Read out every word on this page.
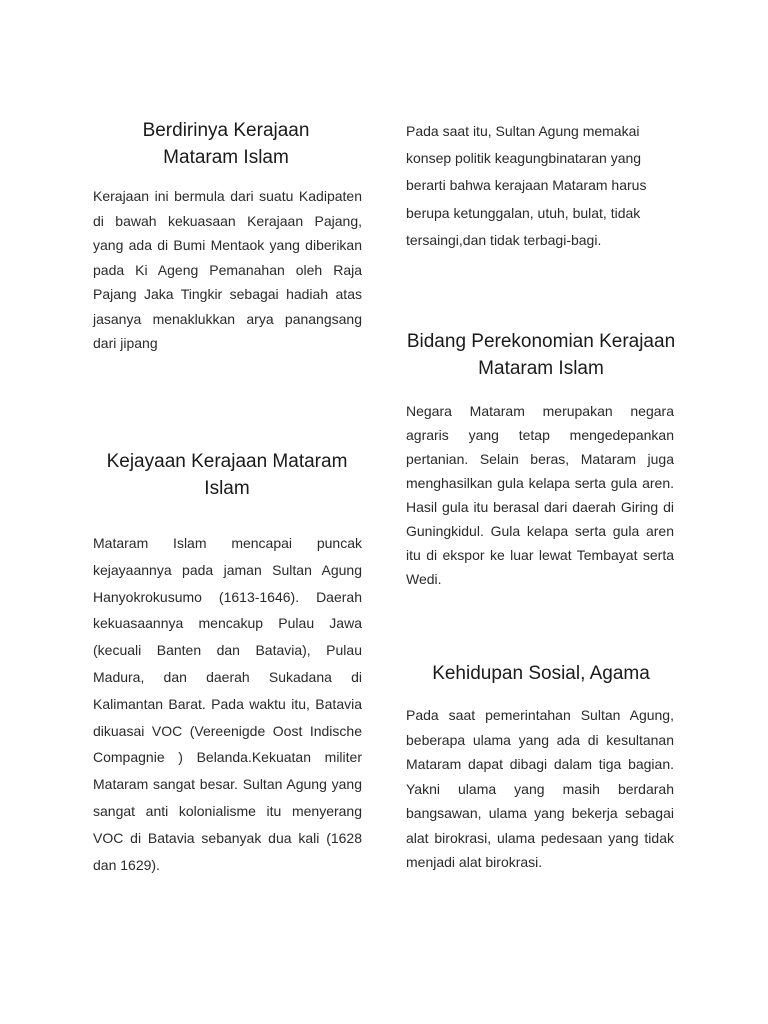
Berdirinya Kerajaan Mataram Islam

Kerajaan ini bermula dari suatu Kadipaten di bawah kekuasaan Kerajaan Pajang, yang ada di Bumi Mentaok yang diberikan pada Ki Ageng Pemanahan oleh Raja Pajang Jaka Tingkir sebagai hadiah atas jasanya menaklukkan arya panangsang dari jipang

Kejayaan Kerajaan Mataram Islam

Mataram Islam mencapai puncak kejayaannya pada jaman Sultan Agung Hanyokrokusumo (1613-1646). Daerah kekuasaannya mencakup Pulau Jawa (kecuali Banten dan Batavia), Pulau Madura, dan daerah Sukadana di Kalimantan Barat. Pada waktu itu, Batavia dikuasai VOC (Vereenigde Oost Indische Compagnie ) Belanda.Kekuatan militer Mataram sangat besar. Sultan Agung yang sangat anti kolonialisme itu menyerang VOC di Batavia sebanyak dua kali (1628 dan 1629).

Pada saat itu, Sultan Agung memakai konsep politik keagungbinataran yang berarti bahwa kerajaan Mataram harus berupa ketunggalan, utuh, bulat, tidak tersaingi,dan tidak terbagi-bagi.

Bidang Perekonomian Kerajaan Mataram Islam

Negara Mataram merupakan negara agraris yang tetap mengedepankan pertanian. Selain beras, Mataram juga menghasilkan gula kelapa serta gula aren. Hasil gula itu berasal dari daerah Giring di Guningkidul. Gula kelapa serta gula aren itu di ekspor ke luar lewat Tembayat serta Wedi.

Kehidupan Sosial, Agama

Pada saat pemerintahan Sultan Agung, beberapa ulama yang ada di kesultanan Mataram dapat dibagi dalam tiga bagian. Yakni ulama yang masih berdarah bangsawan, ulama yang bekerja sebagai alat birokrasi, ulama pedesaan yang tidak menjadi alat birokrasi.
